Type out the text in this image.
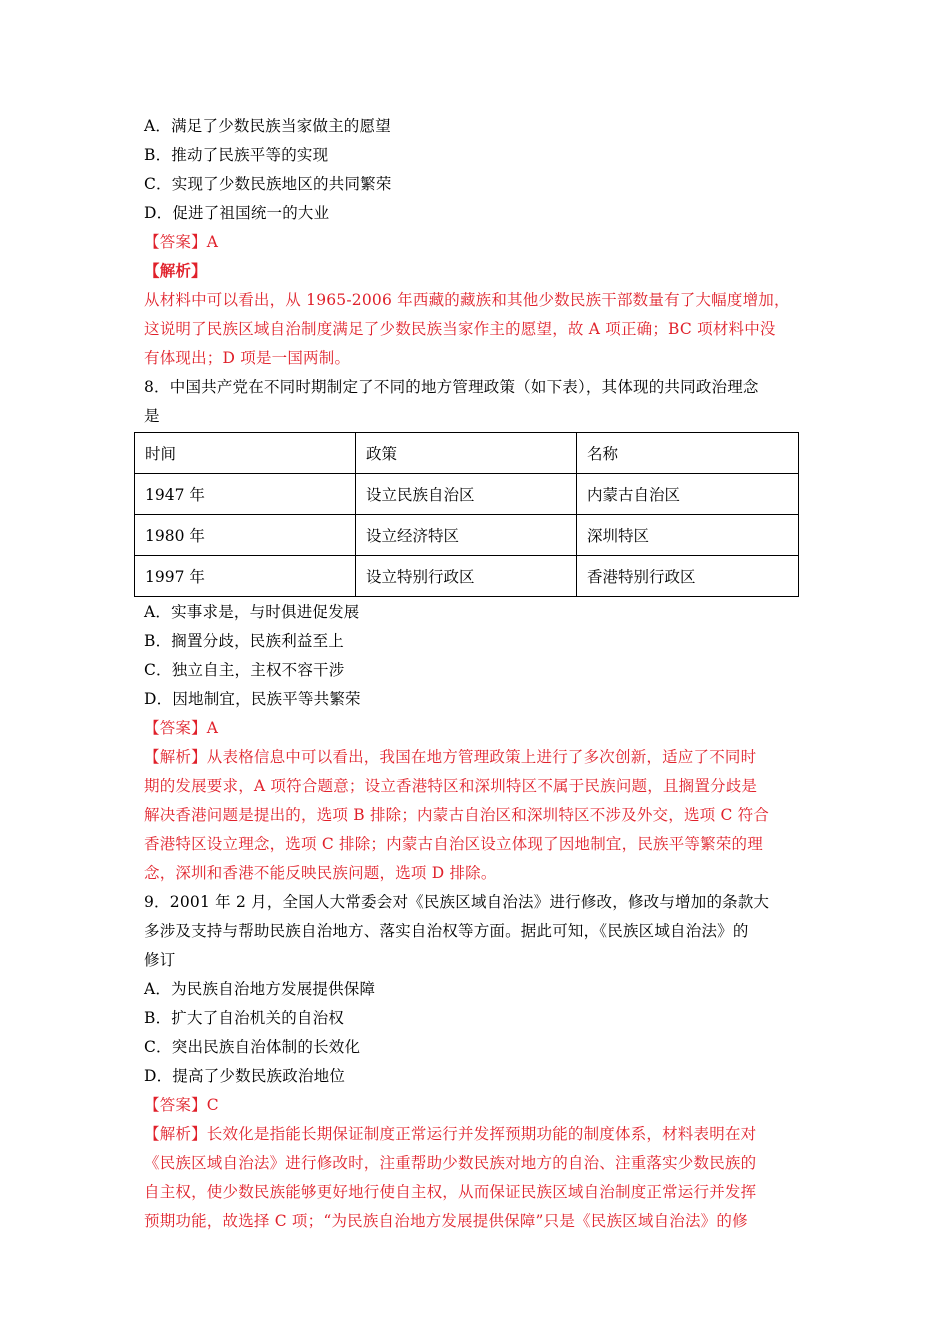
A．满足了少数民族当家做主的愿望
B．推动了民族平等的实现
C．实现了少数民族地区的共同繁荣
D．促进了祖国统一的大业
【答案】A
【解析】
从材料中可以看出，从 1965-2006 年西藏的藏族和其他少数民族干部数量有了大幅度增加，
这说明了民族区域自治制度满足了少数民族当家作主的愿望，故 A 项正确；BC 项材料中没
有体现出；D 项是一国两制。
8．中国共产党在不同时期制定了不同的地方管理政策（如下表），其体现的共同政治理念
是
时间	政策	名称
1947 年	设立民族自治区	内蒙古自治区
1980 年	设立经济特区	深圳特区
1997 年	设立特别行政区	香港特别行政区
A．实事求是，与时俱进促发展
B．搁置分歧，民族利益至上
C．独立自主，主权不容干涉
D．因地制宜，民族平等共繁荣
【答案】A
【解析】从表格信息中可以看出，我国在地方管理政策上进行了多次创新，适应了不同时
期的发展要求，A 项符合题意；设立香港特区和深圳特区不属于民族问题，且搁置分歧是
解决香港问题是提出的，选项 B 排除；内蒙古自治区和深圳特区不涉及外交，选项 C 符合
香港特区设立理念，选项 C 排除；内蒙古自治区设立体现了因地制宜，民族平等繁荣的理
念，深圳和香港不能反映民族问题，选项 D 排除。
9．2001 年 2 月，全国人大常委会对《民族区域自治法》进行修改，修改与增加的条款大
多涉及支持与帮助民族自治地方、落实自治权等方面。据此可知，《民族区域自治法》的
修订
A．为民族自治地方发展提供保障
B．扩大了自治机关的自治权
C．突出民族自治体制的长效化
D．提高了少数民族政治地位
【答案】C
【解析】长效化是指能长期保证制度正常运行并发挥预期功能的制度体系，材料表明在对
《民族区域自治法》进行修改时，注重帮助少数民族对地方的自治、注重落实少数民族的
自主权，使少数民族能够更好地行使自主权，从而保证民族区域自治制度正常运行并发挥
预期功能，故选择 C 项；“为民族自治地方发展提供保障”只是《民族区域自治法》的修
